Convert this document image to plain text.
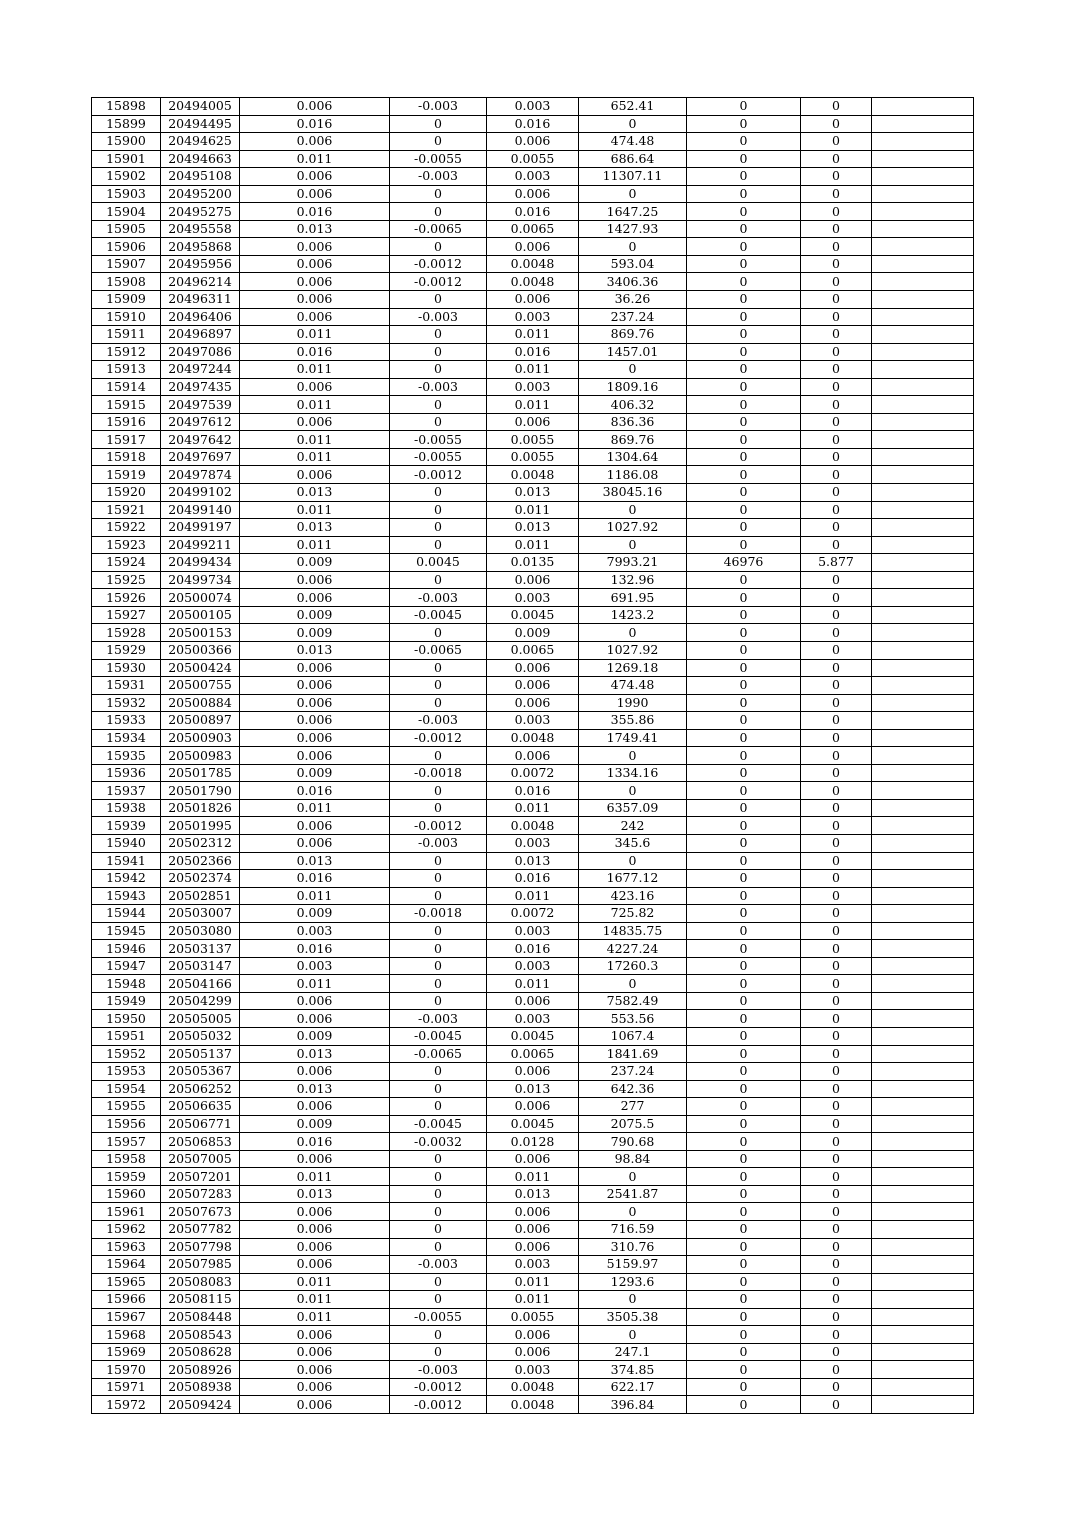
15898	20494005	0.006	-0.003	0.003	652.41	0	0	
15899	20494495	0.016	0	0.016	0	0	0	
15900	20494625	0.006	0	0.006	474.48	0	0	
15901	20494663	0.011	-0.0055	0.0055	686.64	0	0	
15902	20495108	0.006	-0.003	0.003	11307.11	0	0	
15903	20495200	0.006	0	0.006	0	0	0	
15904	20495275	0.016	0	0.016	1647.25	0	0	
15905	20495558	0.013	-0.0065	0.0065	1427.93	0	0	
15906	20495868	0.006	0	0.006	0	0	0	
15907	20495956	0.006	-0.0012	0.0048	593.04	0	0	
15908	20496214	0.006	-0.0012	0.0048	3406.36	0	0	
15909	20496311	0.006	0	0.006	36.26	0	0	
15910	20496406	0.006	-0.003	0.003	237.24	0	0	
15911	20496897	0.011	0	0.011	869.76	0	0	
15912	20497086	0.016	0	0.016	1457.01	0	0	
15913	20497244	0.011	0	0.011	0	0	0	
15914	20497435	0.006	-0.003	0.003	1809.16	0	0	
15915	20497539	0.011	0	0.011	406.32	0	0	
15916	20497612	0.006	0	0.006	836.36	0	0	
15917	20497642	0.011	-0.0055	0.0055	869.76	0	0	
15918	20497697	0.011	-0.0055	0.0055	1304.64	0	0	
15919	20497874	0.006	-0.0012	0.0048	1186.08	0	0	
15920	20499102	0.013	0	0.013	38045.16	0	0	
15921	20499140	0.011	0	0.011	0	0	0	
15922	20499197	0.013	0	0.013	1027.92	0	0	
15923	20499211	0.011	0	0.011	0	0	0	
15924	20499434	0.009	0.0045	0.0135	7993.21	46976	5.877	
15925	20499734	0.006	0	0.006	132.96	0	0	
15926	20500074	0.006	-0.003	0.003	691.95	0	0	
15927	20500105	0.009	-0.0045	0.0045	1423.2	0	0	
15928	20500153	0.009	0	0.009	0	0	0	
15929	20500366	0.013	-0.0065	0.0065	1027.92	0	0	
15930	20500424	0.006	0	0.006	1269.18	0	0	
15931	20500755	0.006	0	0.006	474.48	0	0	
15932	20500884	0.006	0	0.006	1990	0	0	
15933	20500897	0.006	-0.003	0.003	355.86	0	0	
15934	20500903	0.006	-0.0012	0.0048	1749.41	0	0	
15935	20500983	0.006	0	0.006	0	0	0	
15936	20501785	0.009	-0.0018	0.0072	1334.16	0	0	
15937	20501790	0.016	0	0.016	0	0	0	
15938	20501826	0.011	0	0.011	6357.09	0	0	
15939	20501995	0.006	-0.0012	0.0048	242	0	0	
15940	20502312	0.006	-0.003	0.003	345.6	0	0	
15941	20502366	0.013	0	0.013	0	0	0	
15942	20502374	0.016	0	0.016	1677.12	0	0	
15943	20502851	0.011	0	0.011	423.16	0	0	
15944	20503007	0.009	-0.0018	0.0072	725.82	0	0	
15945	20503080	0.003	0	0.003	14835.75	0	0	
15946	20503137	0.016	0	0.016	4227.24	0	0	
15947	20503147	0.003	0	0.003	17260.3	0	0	
15948	20504166	0.011	0	0.011	0	0	0	
15949	20504299	0.006	0	0.006	7582.49	0	0	
15950	20505005	0.006	-0.003	0.003	553.56	0	0	
15951	20505032	0.009	-0.0045	0.0045	1067.4	0	0	
15952	20505137	0.013	-0.0065	0.0065	1841.69	0	0	
15953	20505367	0.006	0	0.006	237.24	0	0	
15954	20506252	0.013	0	0.013	642.36	0	0	
15955	20506635	0.006	0	0.006	277	0	0	
15956	20506771	0.009	-0.0045	0.0045	2075.5	0	0	
15957	20506853	0.016	-0.0032	0.0128	790.68	0	0	
15958	20507005	0.006	0	0.006	98.84	0	0	
15959	20507201	0.011	0	0.011	0	0	0	
15960	20507283	0.013	0	0.013	2541.87	0	0	
15961	20507673	0.006	0	0.006	0	0	0	
15962	20507782	0.006	0	0.006	716.59	0	0	
15963	20507798	0.006	0	0.006	310.76	0	0	
15964	20507985	0.006	-0.003	0.003	5159.97	0	0	
15965	20508083	0.011	0	0.011	1293.6	0	0	
15966	20508115	0.011	0	0.011	0	0	0	
15967	20508448	0.011	-0.0055	0.0055	3505.38	0	0	
15968	20508543	0.006	0	0.006	0	0	0	
15969	20508628	0.006	0	0.006	247.1	0	0	
15970	20508926	0.006	-0.003	0.003	374.85	0	0	
15971	20508938	0.006	-0.0012	0.0048	622.17	0	0	
15972	20509424	0.006	-0.0012	0.0048	396.84	0	0	
